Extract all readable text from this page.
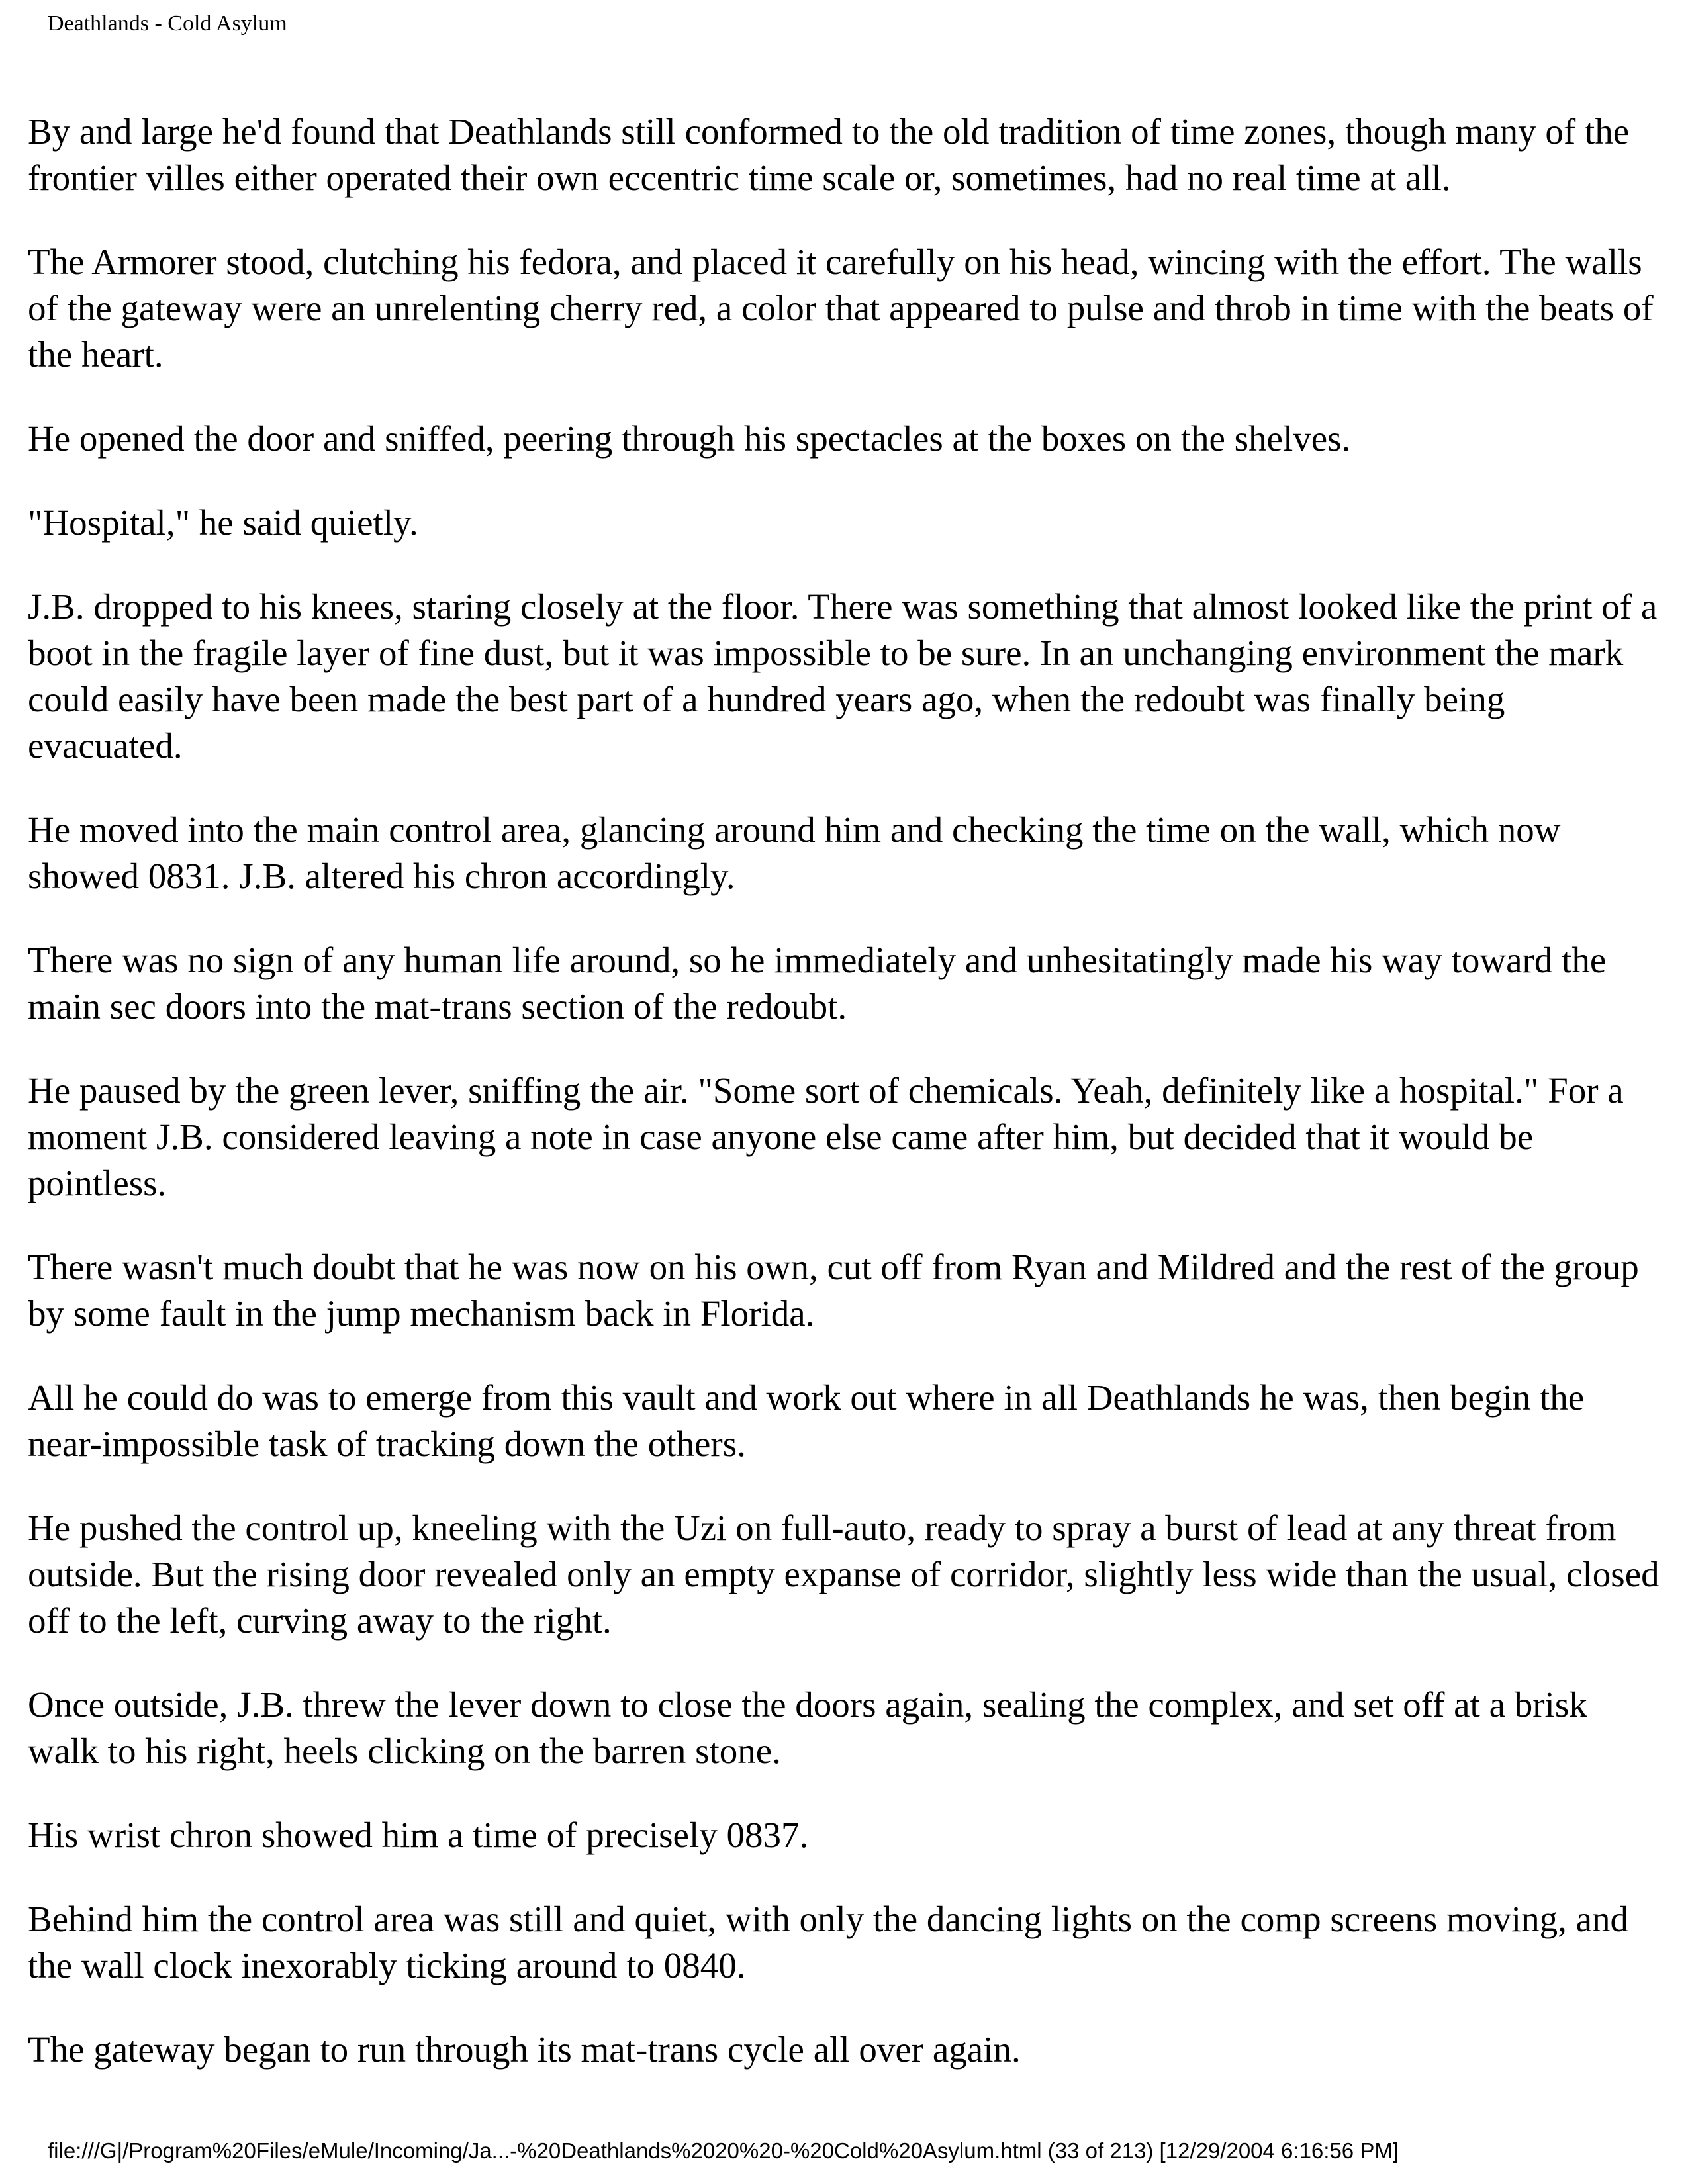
Deathlands - Cold Asylum

By and large he'd found that Deathlands still conformed to the old tradition of time zones, though many of the frontier villes either operated their own eccentric time scale or, sometimes, had no real time at all.

The Armorer stood, clutching his fedora, and placed it carefully on his head, wincing with the effort. The walls of the gateway were an unrelenting cherry red, a color that appeared to pulse and throb in time with the beats of the heart.

He opened the door and sniffed, peering through his spectacles at the boxes on the shelves.

"Hospital," he said quietly.

J.B. dropped to his knees, staring closely at the floor. There was something that almost looked like the print of a boot in the fragile layer of fine dust, but it was impossible to be sure. In an unchanging environment the mark could easily have been made the best part of a hundred years ago, when the redoubt was finally being evacuated.

He moved into the main control area, glancing around him and checking the time on the wall, which now showed 0831. J.B. altered his chron accordingly.

There was no sign of any human life around, so he immediately and unhesitatingly made his way toward the main sec doors into the mat-trans section of the redoubt.

He paused by the green lever, sniffing the air. "Some sort of chemicals. Yeah, definitely like a hospital." For a moment J.B. considered leaving a note in case anyone else came after him, but decided that it would be pointless.

There wasn't much doubt that he was now on his own, cut off from Ryan and Mildred and the rest of the group by some fault in the jump mechanism back in Florida.

All he could do was to emerge from this vault and work out where in all Deathlands he was, then begin the near-impossible task of tracking down the others.

He pushed the control up, kneeling with the Uzi on full-auto, ready to spray a burst of lead at any threat from outside. But the rising door revealed only an empty expanse of corridor, slightly less wide than the usual, closed off to the left, curving away to the right.

Once outside, J.B. threw the lever down to close the doors again, sealing the complex, and set off at a brisk walk to his right, heels clicking on the barren stone.

His wrist chron showed him a time of precisely 0837.

Behind him the control area was still and quiet, with only the dancing lights on the comp screens moving, and the wall clock inexorably ticking around to 0840.

The gateway began to run through its mat-trans cycle all over again.

file:///G|/Program%20Files/eMule/Incoming/Ja...-%20Deathlands%2020%20-%20Cold%20Asylum.html (33 of 213) [12/29/2004 6:16:56 PM]
